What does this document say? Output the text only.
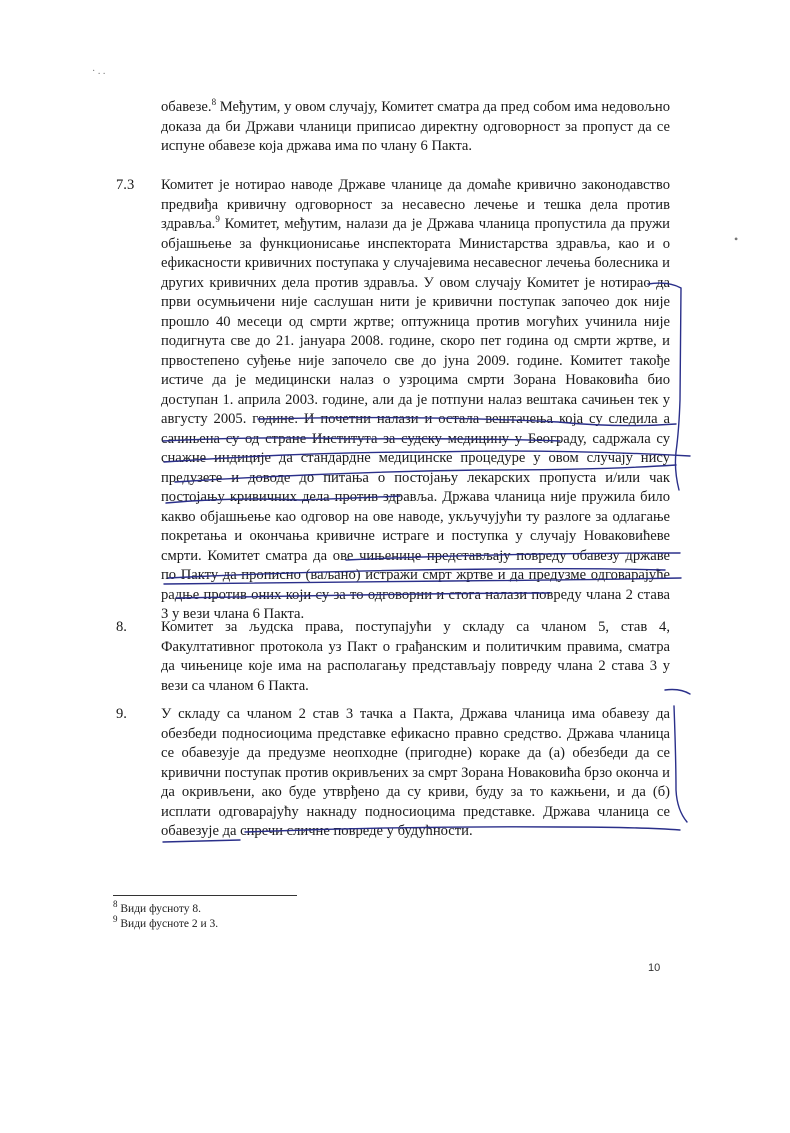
· . .
•
обавезе.$^8$ Међутим, у овом случају, Комитет сматра да пред собом има недовољно доказа да би Држави чланици приписао директну одговорност за пропуст да се испуне обавезе која држава има по члану 6 Пакта.
7.3 Комитет је нотирао наводе Државе чланице да домаће кривично законодавство предвиђа кривичну одговорност за несавесно лечење и тешка дела против здравља.$^9$ Комитет, међутим, налази да је Држава чланица пропустила да пружи објашњење за функционисање инспектората Министарства здравља, као и о ефикасности кривичних поступака у случајевима несавесног лечења болесника и других кривичних дела против здравља. У овом случају Комитет је нотирао да први осумњичени није саслушан нити је кривични поступак започео док није прошло 40 месеци од смрти жртве; оптужница против могућих учинила није подигнута све до 21. јануара 2008. године, скоро пет година од смрти жртве, и првостепено суђење није започело све до јуна 2009. године. Комитет такође истиче да је медицински налаз о узроцима смрти Зорана Новаковића био доступан 1. априла 2003. године, али да је потпуни налаз вештака сачињен тек у августу 2005. године. И почетни налази и остала вештачења која су следила а сачињена су од стране Института за судску медицину у Београду, садржала су снажне индиције да стандардне медицинске процедуре у овом случају нису предузете и доводе до питања о постојању лекарских пропуста и/или чак постојању кривичних дела против здравља. Држава чланица није пружила било какво објашњење као одговор на ове наводе, укључујући ту разлоге за одлагање покретања и окончања кривичне истраге и поступка у случају Новаковићеве смрти. Комитет сматра да ове чињенице представљају повреду обавезу државе по Пакту да прописно (ваљано) истражи смрт жртве и да предузме одговарајуће радње против оних који су за то одговорни и стога налази повреду члана 2 става 3 у вези члана 6 Пакта.
8. Комитет за људска права, поступајући у складу са чланом 5, став 4, Факултативног протокола уз Пакт о грађанским и политичким правима, сматра да чињенице које има на располагању представљају повреду члана 2 става 3 у вези са чланом 6 Пакта.
9. У складу са чланом 2 став 3 тачка а Пакта, Држава чланица има обавезу да обезбеди подносиоцима представке ефикасно правно средство. Држава чланица се обавезује да предузме неопходне (пригодне) кораке да (а) обезбеди да се кривични поступак против окривљених за смрт Зорана Новаковића брзо оконча и да окривљени, ако буде утврђено да су криви, буду за то кажњени, и да (б) исплати одговарајућу накнаду подносиоцима представке. Држава чланица се обавезује да спречи сличне повреде у будућности.
$^8$ Види фусноту 8.
$^9$ Види фусноте 2 и 3.
10
